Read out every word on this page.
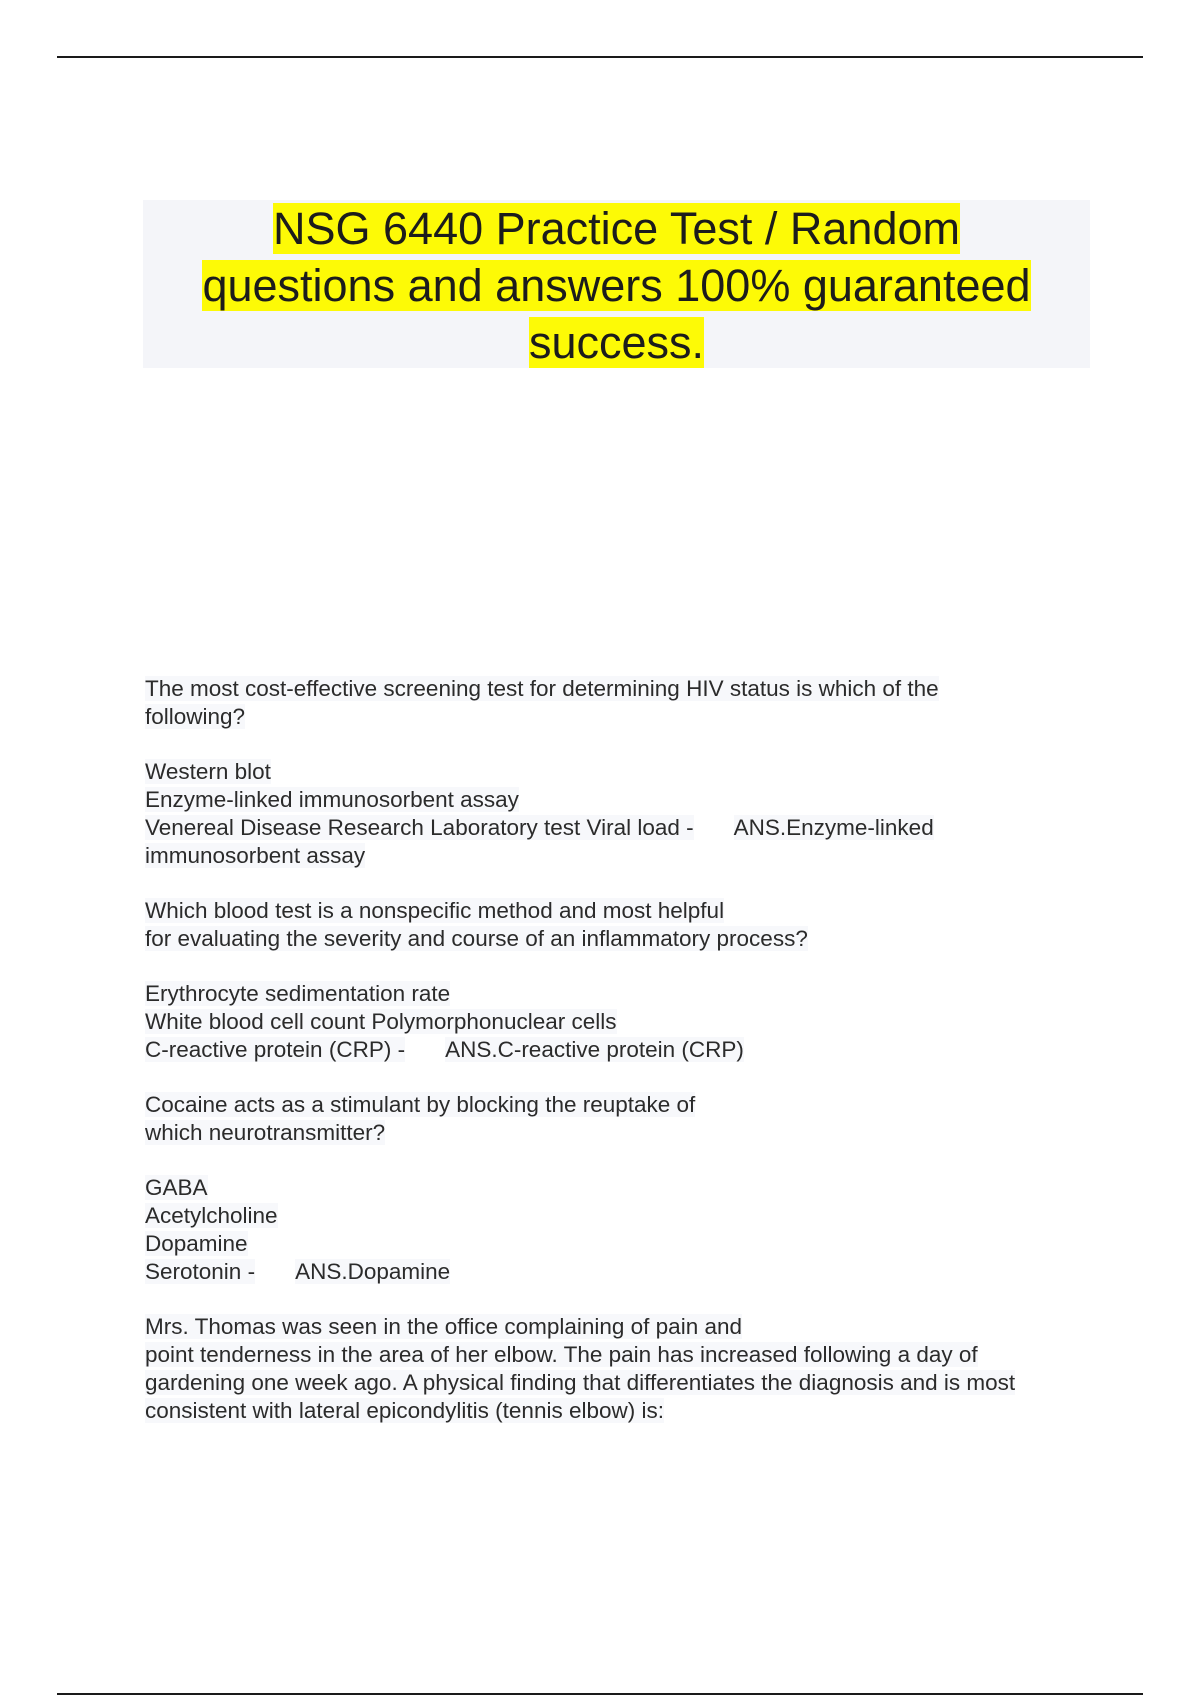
NSG 6440 Practice Test / Random
questions and answers 100% guaranteed
success.
The most cost-effective screening test for determining HIV status is which of the
following?
Western blot
Enzyme-linked immunosorbent assay
Venereal Disease Research Laboratory test Viral load - ANS.Enzyme-linked
immunosorbent assay
Which blood test is a nonspecific method and most helpful
for evaluating the severity and course of an inflammatory process?
Erythrocyte sedimentation rate
White blood cell count Polymorphonuclear cells
C-reactive protein (CRP) - ANS.C-reactive protein (CRP)
Cocaine acts as a stimulant by blocking the reuptake of
which neurotransmitter?
GABA
Acetylcholine
Dopamine
Serotonin - ANS.Dopamine
Mrs. Thomas was seen in the office complaining of pain and
point tenderness in the area of her elbow. The pain has increased following a day of
gardening one week ago. A physical finding that differentiates the diagnosis and is most
consistent with lateral epicondylitis (tennis elbow) is:
